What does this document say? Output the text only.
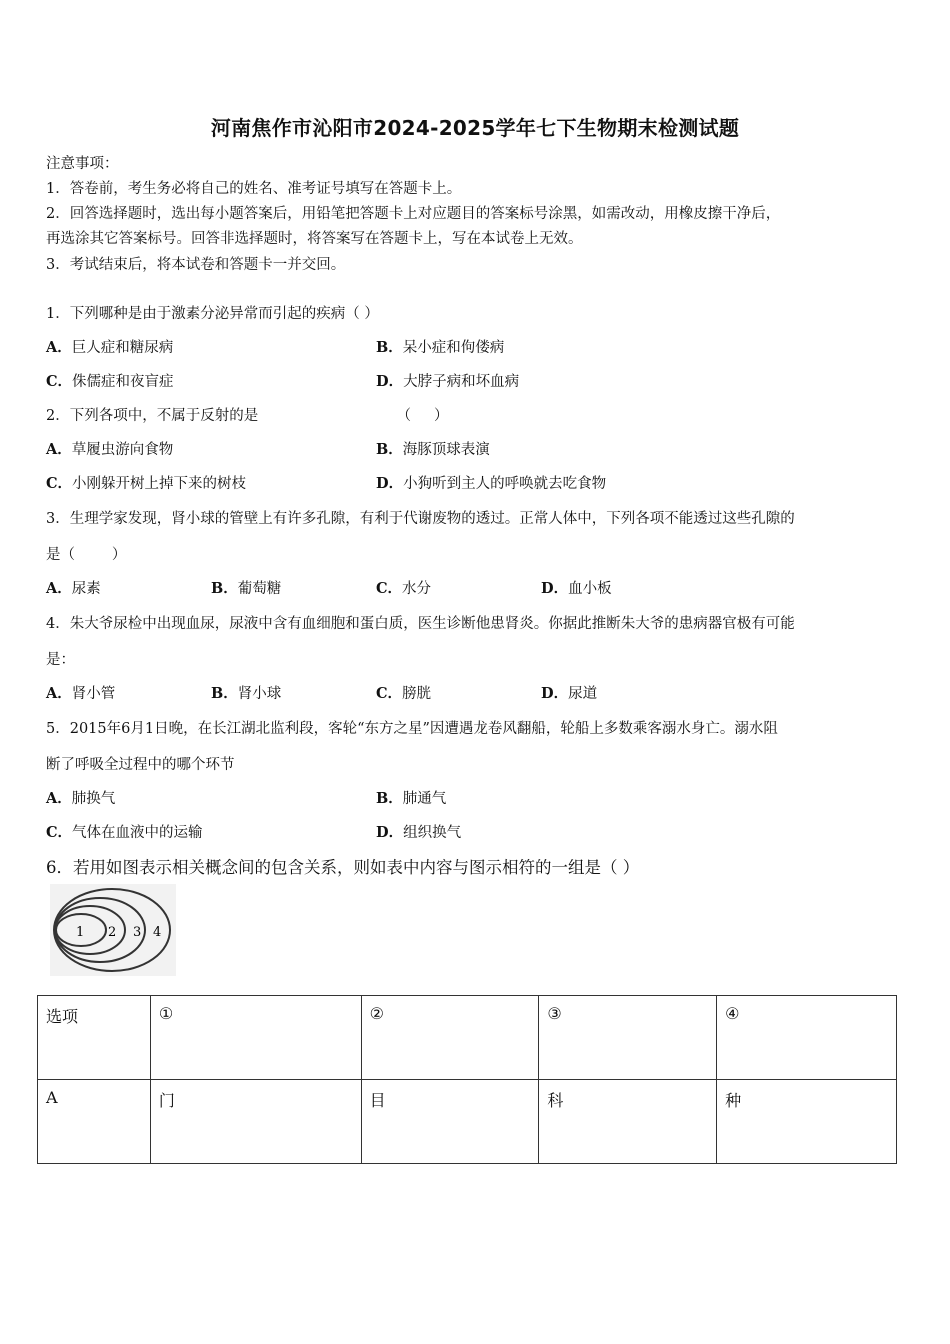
河南焦作市沁阳市2024-2025学年七下生物期末检测试题
注意事项：
1．答卷前，考生务必将自己的姓名、准考证号填写在答题卡上。
2．回答选择题时，选出每小题答案后，用铅笔把答题卡上对应题目的答案标号涂黑，如需改动，用橡皮擦干净后，
再选涂其它答案标号。回答非选择题时，将答案写在答题卡上，写在本试卷上无效。
3．考试结束后，将本试卷和答题卡一并交回。
1．下列哪种是由于激素分泌异常而引起的疾病（ ）
A．巨人症和糖尿病	B．呆小症和佝偻病
C．侏儒症和夜盲症	D．大脖子病和坏血病
2．下列各项中，不属于反射的是                              （     ）
A．草履虫游向食物	B．海豚顶球表演
C．小刚躲开树上掉下来的树枝	D．小狗听到主人的呼唤就去吃食物
3．生理学家发现，肾小球的管壁上有许多孔隙，有利于代谢废物的透过。正常人体中，下列各项不能透过这些孔隙的
是（        ）
A．尿素	B．葡萄糖	C．水分	D．血小板
4．朱大爷尿检中出现血尿，尿液中含有血细胞和蛋白质，医生诊断他患肾炎。你据此推断朱大爷的患病器官极有可能
是：
A．肾小管	B．肾小球	C．膀胱	D．尿道
5．2015年6月1日晚，在长江湖北监利段，客轮“东方之星”因遭遇龙卷风翻船，轮船上多数乘客溺水身亡。溺水阻
断了呼吸全过程中的哪个环节
A．肺换气	B．肺通气
C．气体在血液中的运输	D．组织换气
6．若用如图表示相关概念间的包含关系，则如表中内容与图示相符的一组是（ ）
1 2 3 4
选项	①	②	③	④
A	门	目	科	种
